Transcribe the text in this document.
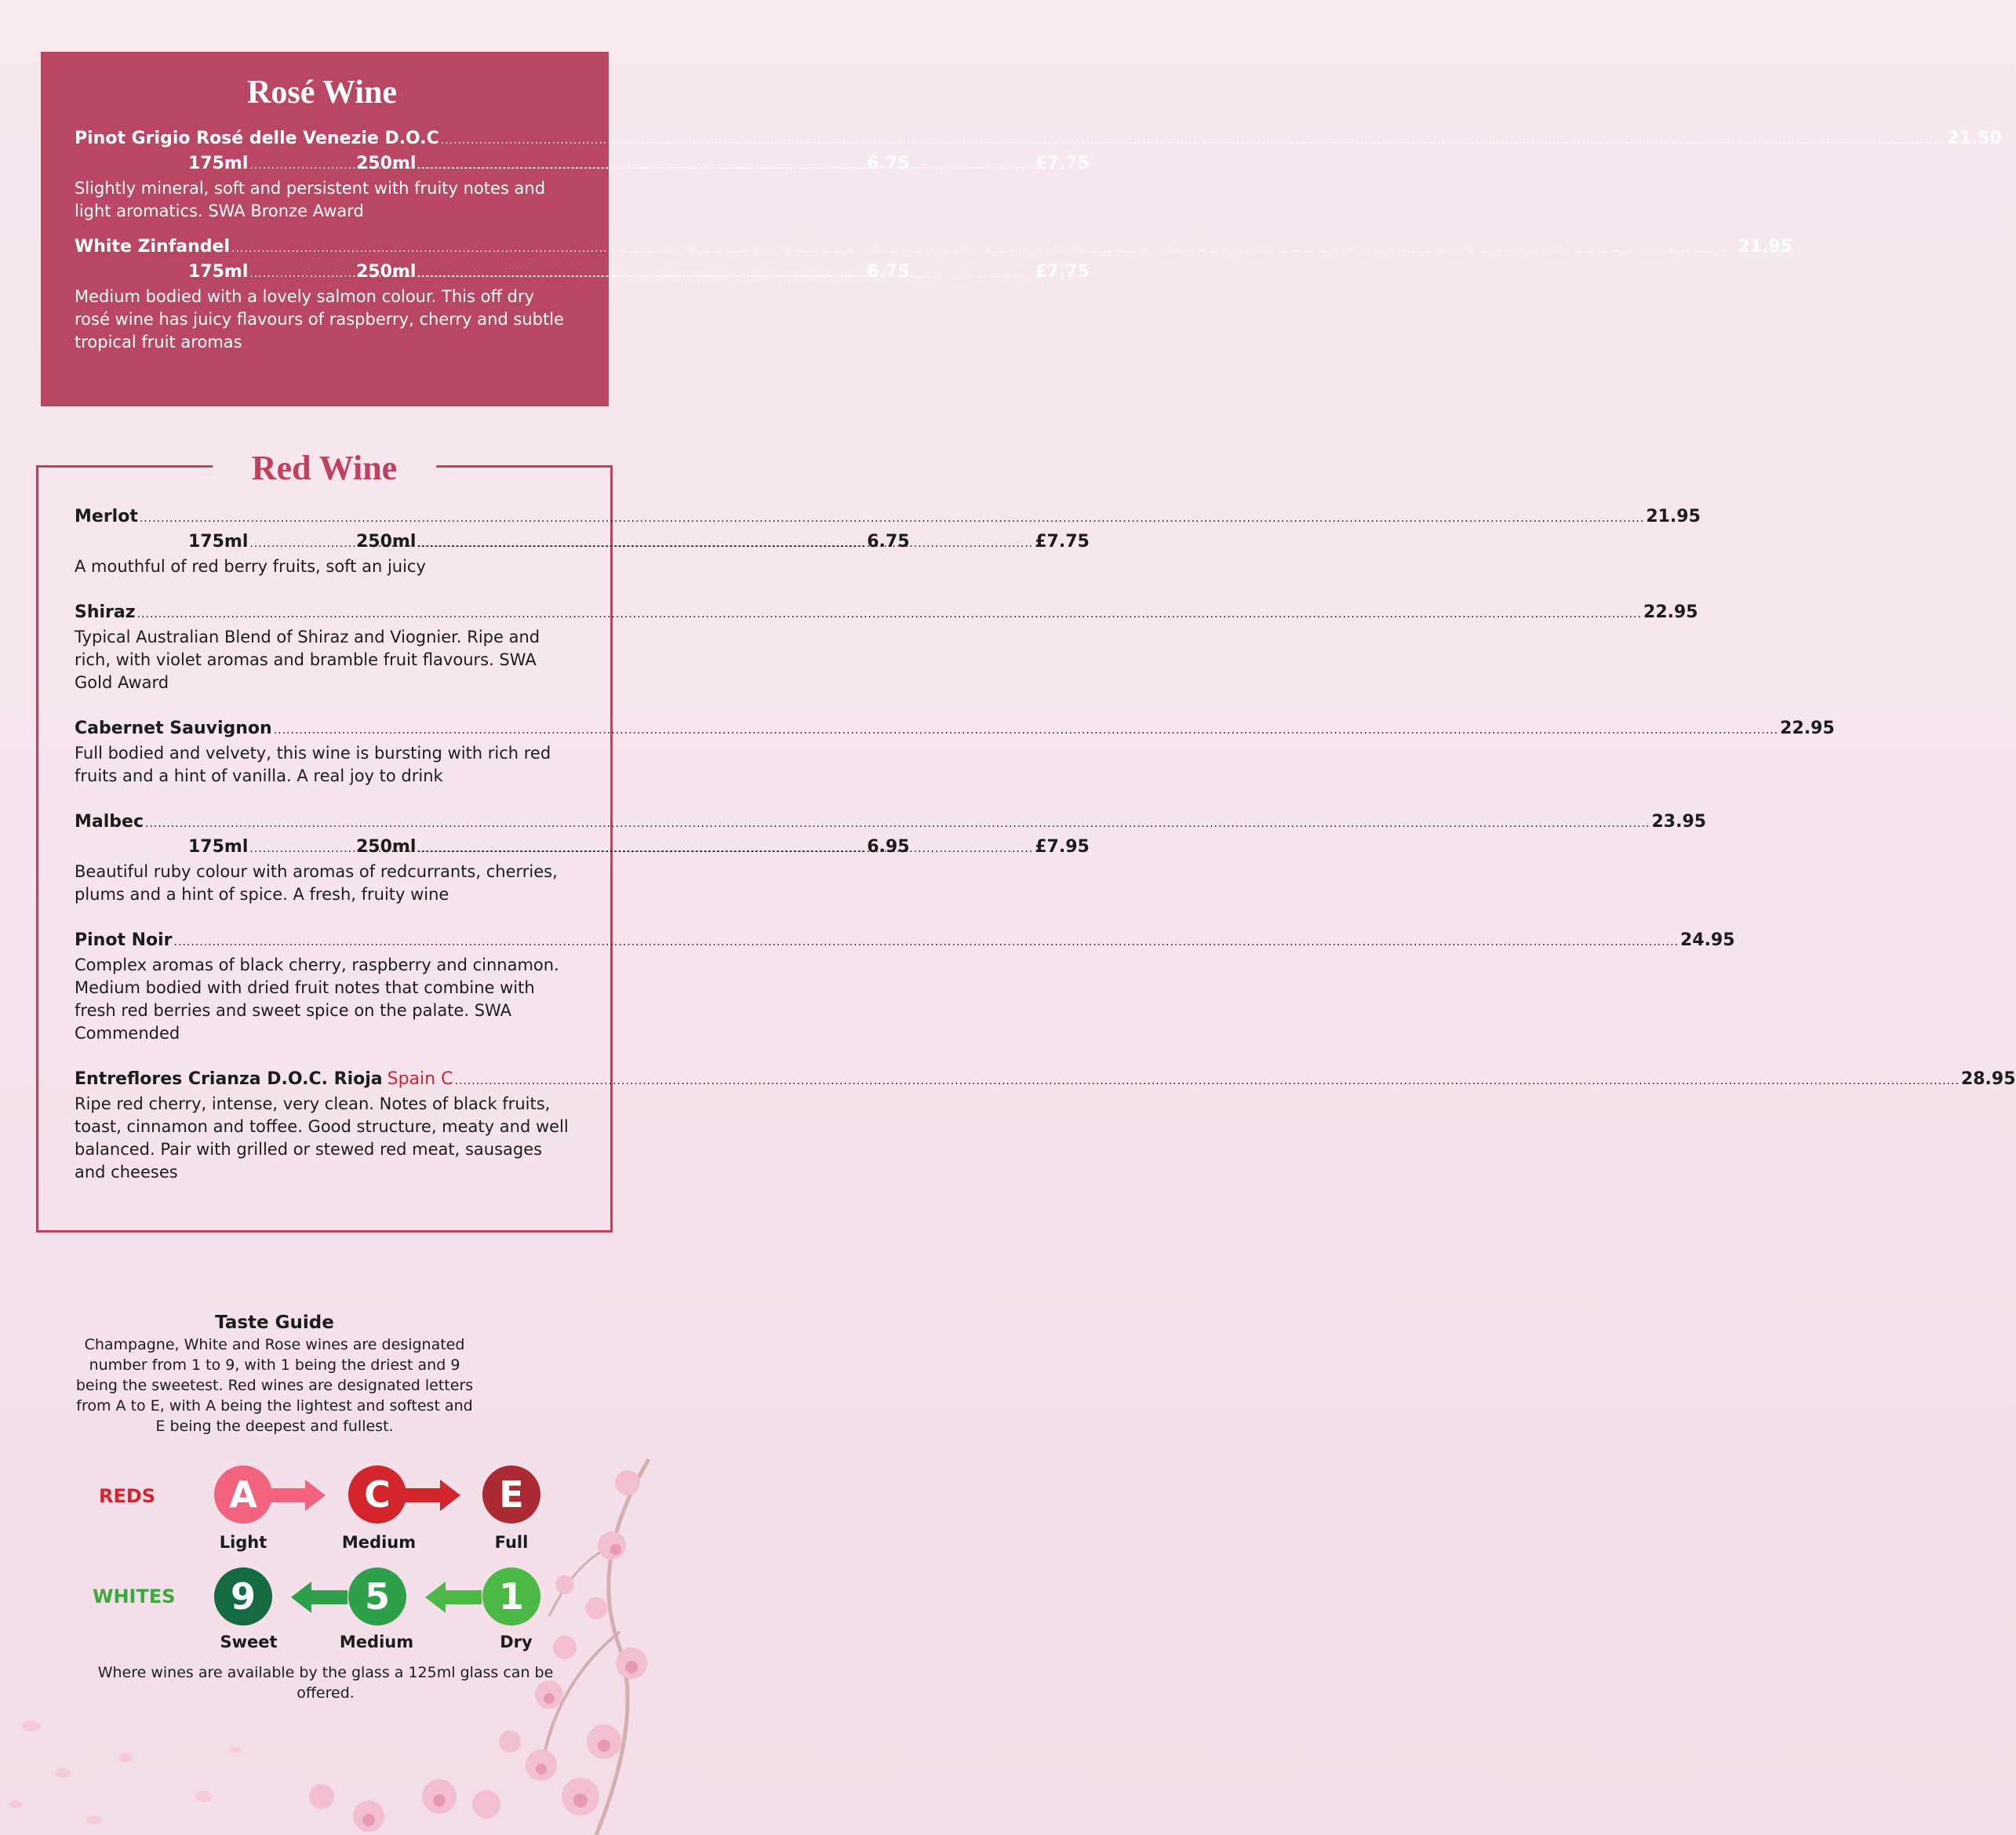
Rosé Wine
Pinot Grigio Rosé delle Venezie D.O.C .....	21.50
175ml .....	6.75
250ml .....	£7.75
Slightly mineral, soft and persistent with fruity notes and light aromatics. SWA Bronze Award
White Zinfandel .....	21.95
175ml .....	6.75
250ml .....	£7.75
Medium bodied with a lovely salmon colour. This off dry rosé wine has juicy flavours of raspberry, cherry and subtle tropical fruit aromas
Red Wine
Merlot .....	21.95
175ml .....	6.75
250ml .....	£7.75
A mouthful of red berry fruits, soft an juicy
Shiraz .....	22.95
Typical Australian Blend of Shiraz and Viognier. Ripe and rich, with violet aromas and bramble fruit flavours. SWA Gold Award
Cabernet Sauvignon .....	22.95
Full bodied and velvety, this wine is bursting with rich red fruits and a hint of vanilla. A real joy to drink
Malbec .....	23.95
175ml .....	6.95
250ml .....	£7.95
Beautiful ruby colour with aromas of redcurrants, cherries, plums and a hint of spice. A fresh, fruity wine
Pinot Noir .....	24.95
Complex aromas of black cherry, raspberry and cinnamon. Medium bodied with dried fruit notes that combine with fresh red berries and sweet spice on the palate. SWA Commended
Entreflores Crianza D.O.C. Rioja Spain C .....	28.95
Ripe red cherry, intense, very clean. Notes of black fruits, toast, cinnamon and toffee. Good structure, meaty and well balanced. Pair with grilled or stewed red meat, sausages and cheeses
Taste Guide
Champagne, White and Rose wines are designated number from 1 to 9, with 1 being the driest and 9 being the sweetest. Red wines are designated letters from A to E, with A being the lightest and softest and E being the deepest and fullest.
REDS	A	C	E
Light	Medium	Full
WHITES	9	5	1
Sweet	Medium	Dry
Where wines are available by the glass a 125ml glass can be offered.
